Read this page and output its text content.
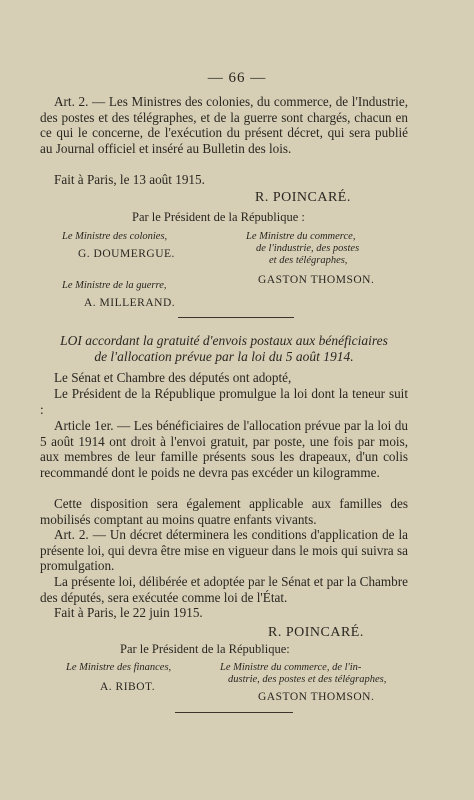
— 66 —
Art. 2. — Les Ministres des colonies, du commerce, de l'Industrie, des postes et des télégraphes, et de la guerre sont chargés, chacun en ce qui le concerne, de l'exécution du présent décret, qui sera publié au Journal officiel et inséré au Bulletin des lois.
Fait à Paris, le 13 août 1915.
R. POINCARÉ.
Par le Président de la République :
Le Ministre des colonies,
G. DOUMERGUE.
Le Ministre du commerce,
de l'industrie, des postes
et des télégraphes,
GASTON THOMSON.
Le Ministre de la guerre,
A. MILLERAND.
LOI accordant la gratuité d'envois postaux aux bénéficiaires
de l'allocation prévue par la loi du 5 août 1914.
Le Sénat et Chambre des députés ont adopté,
Le Président de la République promulgue la loi dont la teneur suit :
Article 1er. — Les bénéficiaires de l'allocation prévue par la loi du 5 août 1914 ont droit à l'envoi gratuit, par poste, une fois par mois, aux membres de leur famille présents sous les drapeaux, d'un colis recommandé dont le poids ne devra pas excéder un kilogramme.
Cette disposition sera également applicable aux familles des mobilisés comptant au moins quatre enfants vivants.
Art. 2. — Un décret déterminera les conditions d'application de la présente loi, qui devra être mise en vigueur dans le mois qui suivra sa promulgation.
La présente loi, délibérée et adoptée par le Sénat et par la Chambre des députés, sera exécutée comme loi de l'État.
Fait à Paris, le 22 juin 1915.
R. POINCARÉ.
Par le Président de la République:
Le Ministre des finances,
A. RIBOT.
Le Ministre du commerce, de l'in-
dustrie, des postes et des télégraphes,
GASTON THOMSON.
